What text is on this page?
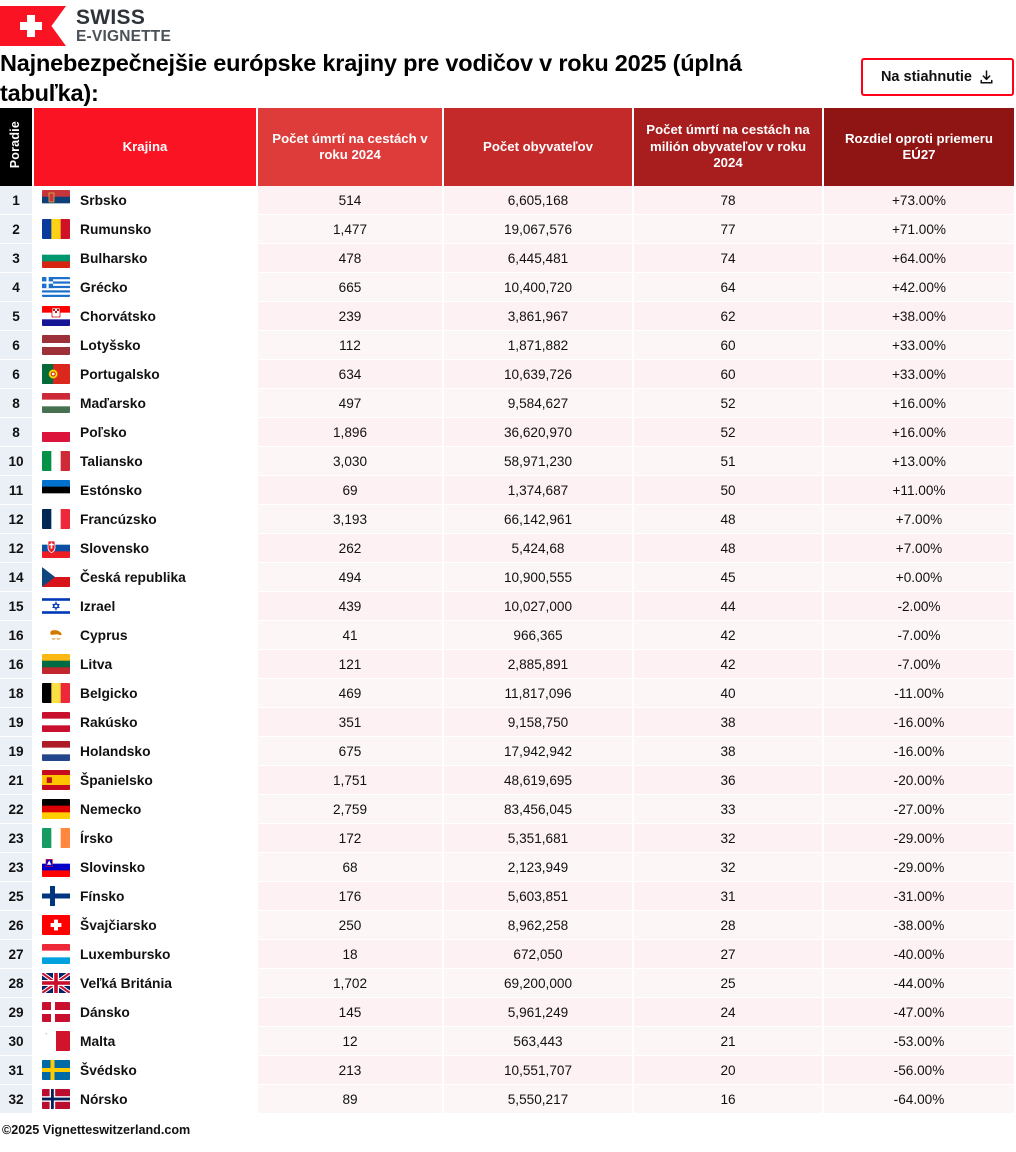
SWISS
E-VIGNETTE
Najnebezpečnejšie európske krajiny pre vodičov v roku 2025 (úplná tabuľka):
Na stiahnutie
Poradie	Krajina	Počet úmrtí na cestách v roku 2024	Počet obyvateľov	Počet úmrtí na cestách na milión obyvateľov v roku 2024	Rozdiel oproti priemeru EÚ27
1	Srbsko	514	6,605,168	78	+73.00%
2	Rumunsko	1,477	19,067,576	77	+71.00%
3	Bulharsko	478	6,445,481	74	+64.00%
4	Grécko	665	10,400,720	64	+42.00%
5	Chorvátsko	239	3,861,967	62	+38.00%
6	Lotyšsko	112	1,871,882	60	+33.00%
6	Portugalsko	634	10,639,726	60	+33.00%
8	Maďarsko	497	9,584,627	52	+16.00%
8	Poľsko	1,896	36,620,970	52	+16.00%
10	Taliansko	3,030	58,971,230	51	+13.00%
11	Estónsko	69	1,374,687	50	+11.00%
12	Francúzsko	3,193	66,142,961	48	+7.00%
12	Slovensko	262	5,424,68	48	+7.00%
14	Česká republika	494	10,900,555	45	+0.00%
15	Izrael	439	10,027,000	44	-2.00%
16	Cyprus	41	966,365	42	-7.00%
16	Litva	121	2,885,891	42	-7.00%
18	Belgicko	469	11,817,096	40	-11.00%
19	Rakúsko	351	9,158,750	38	-16.00%
19	Holandsko	675	17,942,942	38	-16.00%
21	Španielsko	1,751	48,619,695	36	-20.00%
22	Nemecko	2,759	83,456,045	33	-27.00%
23	Írsko	172	5,351,681	32	-29.00%
23	Slovinsko	68	2,123,949	32	-29.00%
25	Fínsko	176	5,603,851	31	-31.00%
26	Švajčiarsko	250	8,962,258	28	-38.00%
27	Luxembursko	18	672,050	27	-40.00%
28	Veľká Británia	1,702	69,200,000	25	-44.00%
29	Dánsko	145	5,961,249	24	-47.00%
30	Malta	12	563,443	21	-53.00%
31	Švédsko	213	10,551,707	20	-56.00%
32	Nórsko	89	5,550,217	16	-64.00%
©2025 Vignetteswitzerland.com
